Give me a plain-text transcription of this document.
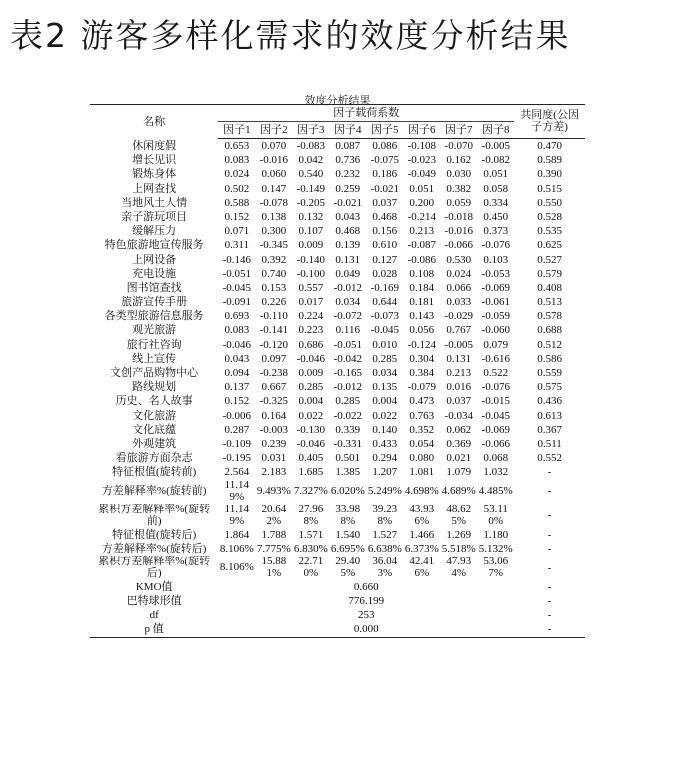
表2 游客多样化需求的效度分析结果
效度分析结果
名称	因子载荷系数								共同度(公因子方差)
	因子1	因子2	因子3	因子4	因子5	因子6	因子7	因子8	
休闲度假	0.653	0.070	-0.083	0.087	0.086	-0.108	-0.070	-0.005	0.470
增长见识	0.083	-0.016	0.042	0.736	-0.075	-0.023	0.162	-0.082	0.589
锻炼身体	0.024	0.060	0.540	0.232	0.186	-0.049	0.030	0.051	0.390
上网查找	0.502	0.147	-0.149	0.259	-0.021	0.051	0.382	0.058	0.515
当地风土人情	0.588	-0.078	-0.205	-0.021	0.037	0.200	0.059	0.334	0.550
亲子游玩项目	0.152	0.138	0.132	0.043	0.468	-0.214	-0.018	0.450	0.528
缓解压力	0.071	0.300	0.107	0.468	0.156	0.213	-0.016	0.373	0.535
特色旅游地宣传服务	0.311	-0.345	0.009	0.139	0.610	-0.087	-0.066	-0.076	0.625
上网设备	-0.146	0.392	-0.140	0.131	0.127	-0.086	0.530	0.103	0.527
充电设施	-0.051	0.740	-0.100	0.049	0.028	0.108	0.024	-0.053	0.579
图书馆查找	-0.045	0.153	0.557	-0.012	-0.169	0.184	0.066	-0.069	0.408
旅游宣传手册	-0.091	0.226	0.017	0.034	0.644	0.181	0.033	-0.061	0.513
各类型旅游信息服务	0.693	-0.110	0.224	-0.072	-0.073	0.143	-0.029	-0.059	0.578
观光旅游	0.083	-0.141	0.223	0.116	-0.045	0.056	0.767	-0.060	0.688
旅行社咨询	-0.046	-0.120	0.686	-0.051	0.010	-0.124	-0.005	0.079	0.512
线上宣传	0.043	0.097	-0.046	-0.042	0.285	0.304	0.131	-0.616	0.586
文创产品购物中心	0.094	-0.238	0.009	-0.165	0.034	0.384	0.213	0.522	0.559
路线规划	0.137	0.667	0.285	-0.012	0.135	-0.079	0.016	-0.076	0.575
历史、名人故事	0.152	-0.325	0.004	0.285	0.004	0.473	0.037	-0.015	0.436
文化旅游	-0.006	0.164	0.022	-0.022	0.022	0.763	-0.034	-0.045	0.613
文化底蕴	0.287	-0.003	-0.130	0.339	0.140	0.352	0.062	-0.069	0.367
外观建筑	-0.109	0.239	-0.046	-0.331	0.433	0.054	0.369	-0.066	0.511
看旅游方面杂志	-0.195	0.031	0.405	0.501	0.294	0.080	0.021	0.068	0.552
特征根值(旋转前)	2.564	2.183	1.685	1.385	1.207	1.081	1.079	1.032	-
方差解释率%(旋转前)	11.149%	9.493%	7.327%	6.020%	5.249%	4.698%	4.689%	4.485%	-
累积方差解释率%(旋转前)	11.149%	20.642%	27.968%	33.988%	39.238%	43.936%	48.625%	53.110%	-
特征根值(旋转后)	1.864	1.788	1.571	1.540	1.527	1.466	1.269	1.180	-
方差解释率%(旋转后)	8.106%	7.775%	6.830%	6.695%	6.638%	6.373%	5.518%	5.132%	-
累积方差解释率%(旋转后)	8.106%	15.881%	22.710%	29.405%	36.043%	42.416%	47.934%	53.067%	-
KMO值	0.660								-
巴特球形值	776.199								-
df	253								-
p 值	0.000								-
